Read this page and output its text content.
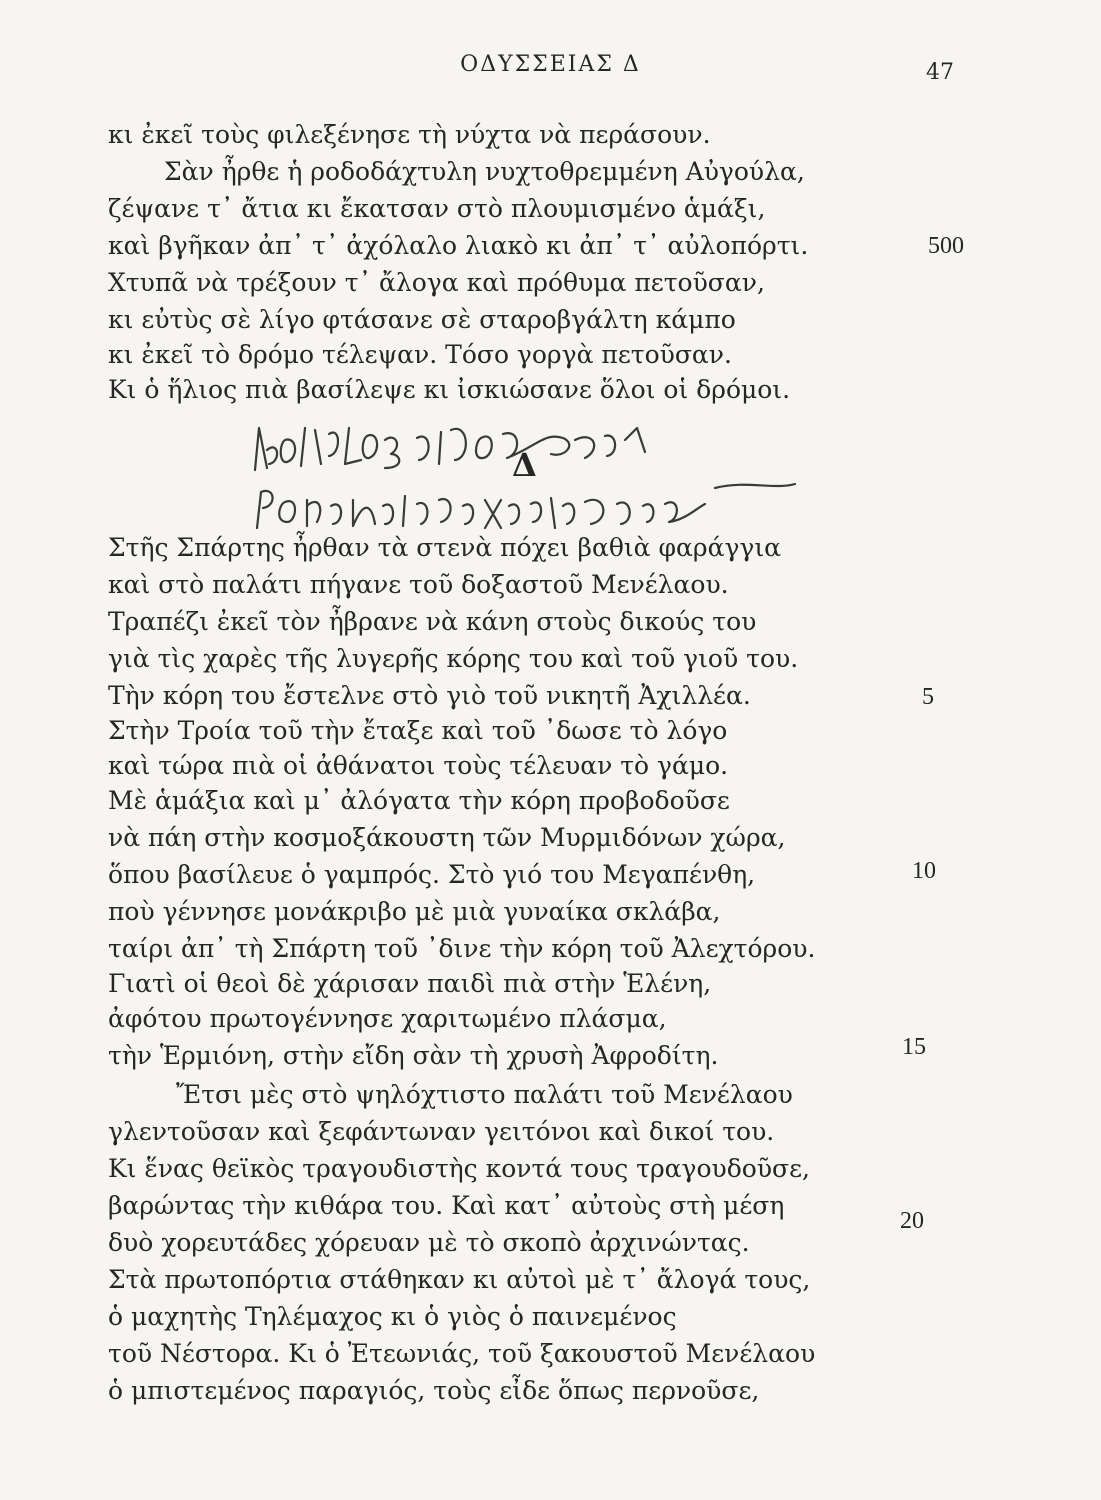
ΟΔΥΣΣΕΙΑΣ Δ	47
κι ἐκεῖ τοὺς φιλεξένησε τὴ νύχτα νὰ περάσουν.
Σὰν ἦρθε ἡ ροδοδάχτυλη νυχτοθρεμμένη Αὐγούλα,
ζέψανε τ᾽ ἄτια κι ἔκατσαν στὸ πλουμισμένο ἁμάξι,
καὶ βγῆκαν ἀπ᾽ τ᾽ ἀχόλαλο λιακὸ κι ἀπ᾽ τ᾽ αὐλοπόρτι.
Χτυπᾶ νὰ τρέξουν τ᾽ ἄλογα καὶ πρόθυμα πετοῦσαν,
κι εὐτὺς σὲ λίγο φτάσανε σὲ σταροβγάλτη κάμπο
κι ἐκεῖ τὸ δρόμο τέλεψαν. Τόσο γοργὰ πετοῦσαν.
Κι ὁ ἥλιος πιὰ βασίλεψε κι ἰσκιώσανε ὅλοι οἱ δρόμοι.
500
Δ
Στῆς Σπάρτης ἦρθαν τὰ στενὰ πόχει βαθιὰ φαράγγια
καὶ στὸ παλάτι πήγανε τοῦ δοξαστοῦ Μενέλαου.
Τραπέζι ἐκεῖ τὸν ἦβρανε νὰ κάνη στοὺς δικούς του
γιὰ τὶς χαρὲς τῆς λυγερῆς κόρης του καὶ τοῦ γιοῦ του.
Τὴν κόρη του ἔστελνε στὸ γιὸ τοῦ νικητῆ Ἀχιλλέα.
Στὴν Τροία τοῦ τὴν ἔταξε καὶ τοῦ ᾽δωσε τὸ λόγο
καὶ τώρα πιὰ οἱ ἀθάνατοι τοὺς τέλευαν τὸ γάμο.
Μὲ ἁμάξια καὶ μ᾽ ἀλόγατα τὴν κόρη προβοδοῦσε
νὰ πάη στὴν κοσμοξάκουστη τῶν Μυρμιδόνων χώρα,
ὅπου βασίλευε ὁ γαμπρός. Στὸ γιό του Μεγαπένθη,
ποὺ γέννησε μονάκριβο μὲ μιὰ γυναίκα σκλάβα,
ταίρι ἀπ᾽ τὴ Σπάρτη τοῦ ᾽δινε τὴν κόρη τοῦ Ἀλεχτόρου.
Γιατὶ οἱ θεοὶ δὲ χάρισαν παιδὶ πιὰ στὴν Ἑλένη,
ἀφότου πρωτογέννησε χαριτωμένο πλάσμα,
τὴν Ἑρμιόνη, στὴν εἴδη σὰν τὴ χρυσὴ Ἀφροδίτη.
Ἔτσι μὲς στὸ ψηλόχτιστο παλάτι τοῦ Μενέλαου
γλεντοῦσαν καὶ ξεφάντωναν γειτόνοι καὶ δικοί του.
Κι ἕνας θεϊκὸς τραγουδιστὴς κοντά τους τραγουδοῦσε,
βαρώντας τὴν κιθάρα του. Καὶ κατ᾽ αὐτοὺς στὴ μέση
δυὸ χορευτάδες χόρευαν μὲ τὸ σκοπὸ ἀρχινώντας.
Στὰ πρωτοπόρτια στάθηκαν κι αὐτοὶ μὲ τ᾽ ἄλογά τους,
ὁ μαχητὴς Τηλέμαχος κι ὁ γιὸς ὁ παινεμένος
τοῦ Νέστορα. Κι ὁ Ἐτεωνιάς, τοῦ ξακουστοῦ Μενέλαου
ὁ μπιστεμένος παραγιός, τοὺς εἶδε ὅπως περνοῦσε,
5
10
15
20
